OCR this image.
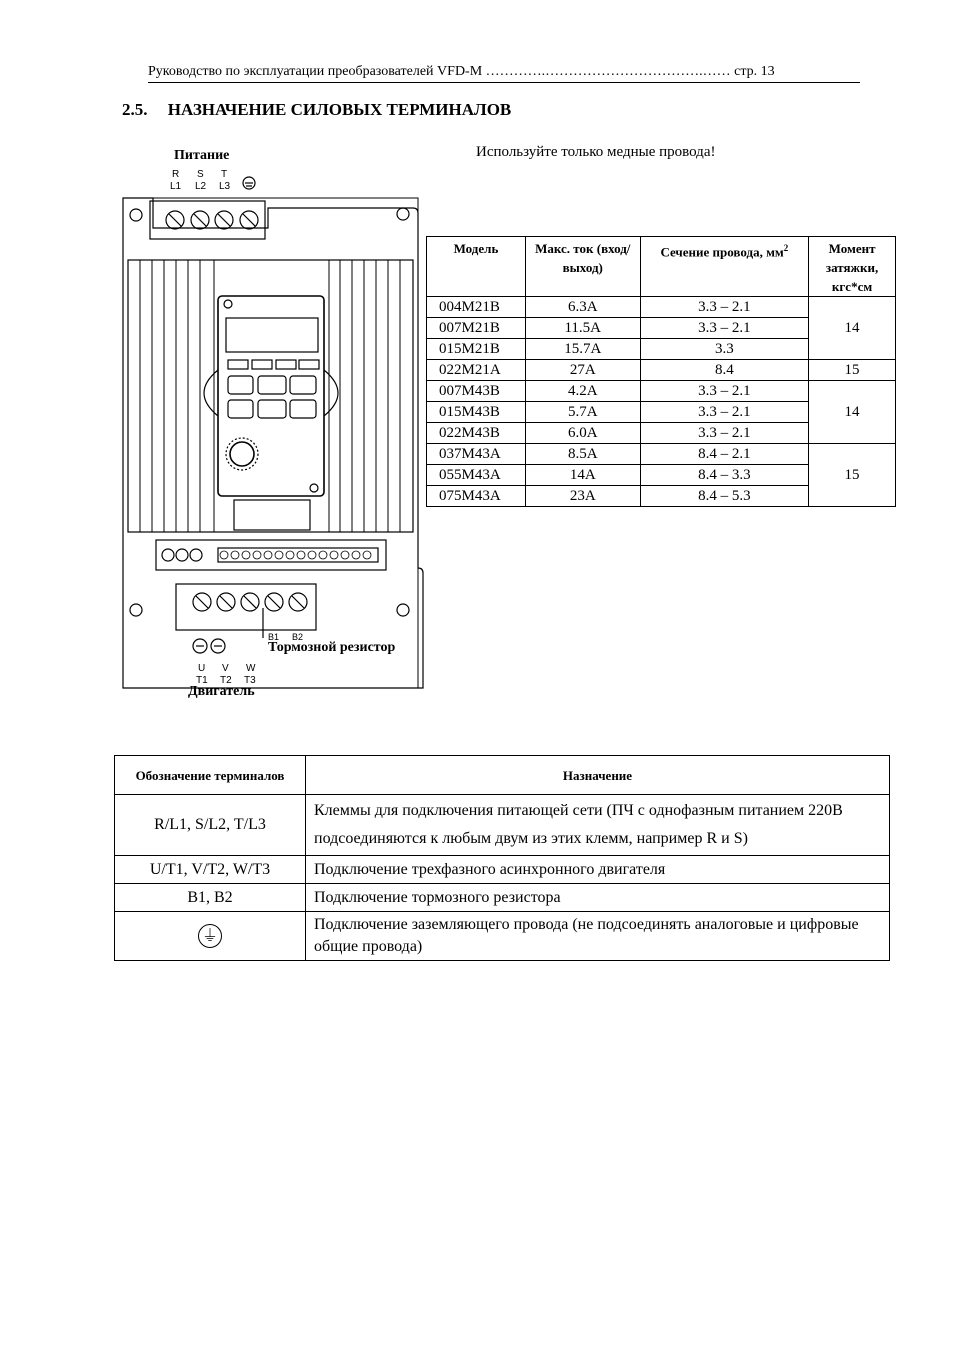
Руководство по эксплуатации преобразователей VFD-M ………….…………………………….…… стр. 13
2.5. НАЗНАЧЕНИЕ СИЛОВЫХ ТЕРМИНАЛОВ
Используйте только медные провода!
Питание
R
L1
S
L2
T
L3
B1 B2
U
T1
V
T2
W
T3
Тормозной резистор
Двигатель
Модель	Макс. ток (вход/выход)	Сечение провода, $мм^2$	Момент затяжки, кгс*см
004M21B	6.3A	3.3 – 2.1	14
007M21B	11.5A	3.3 – 2.1	
015M21B	15.7A	3.3	
022M21A	27A	8.4	15
007M43B	4.2A	3.3 – 2.1	14
015M43B	5.7A	3.3 – 2.1	
022M43B	6.0A	3.3 – 2.1	
037M43A	8.5A	8.4 – 2.1	15
055M43A	14A	8.4 – 3.3	
075M43A	23A	8.4 – 5.3	
Обозначение терминалов	Назначение
R/L1, S/L2, T/L3	Клеммы для подключения питающей сети (ПЧ с однофазным питанием 220В подсоединяются к любым двум из этих клемм, например R и S)
U/T1, V/T2, W/T3	Подключение трехфазного асинхронного двигателя
B1, B2	Подключение тормозного резистора
⏚	Подключение заземляющего провода (не подсоединять аналоговые и цифровые общие провода)
